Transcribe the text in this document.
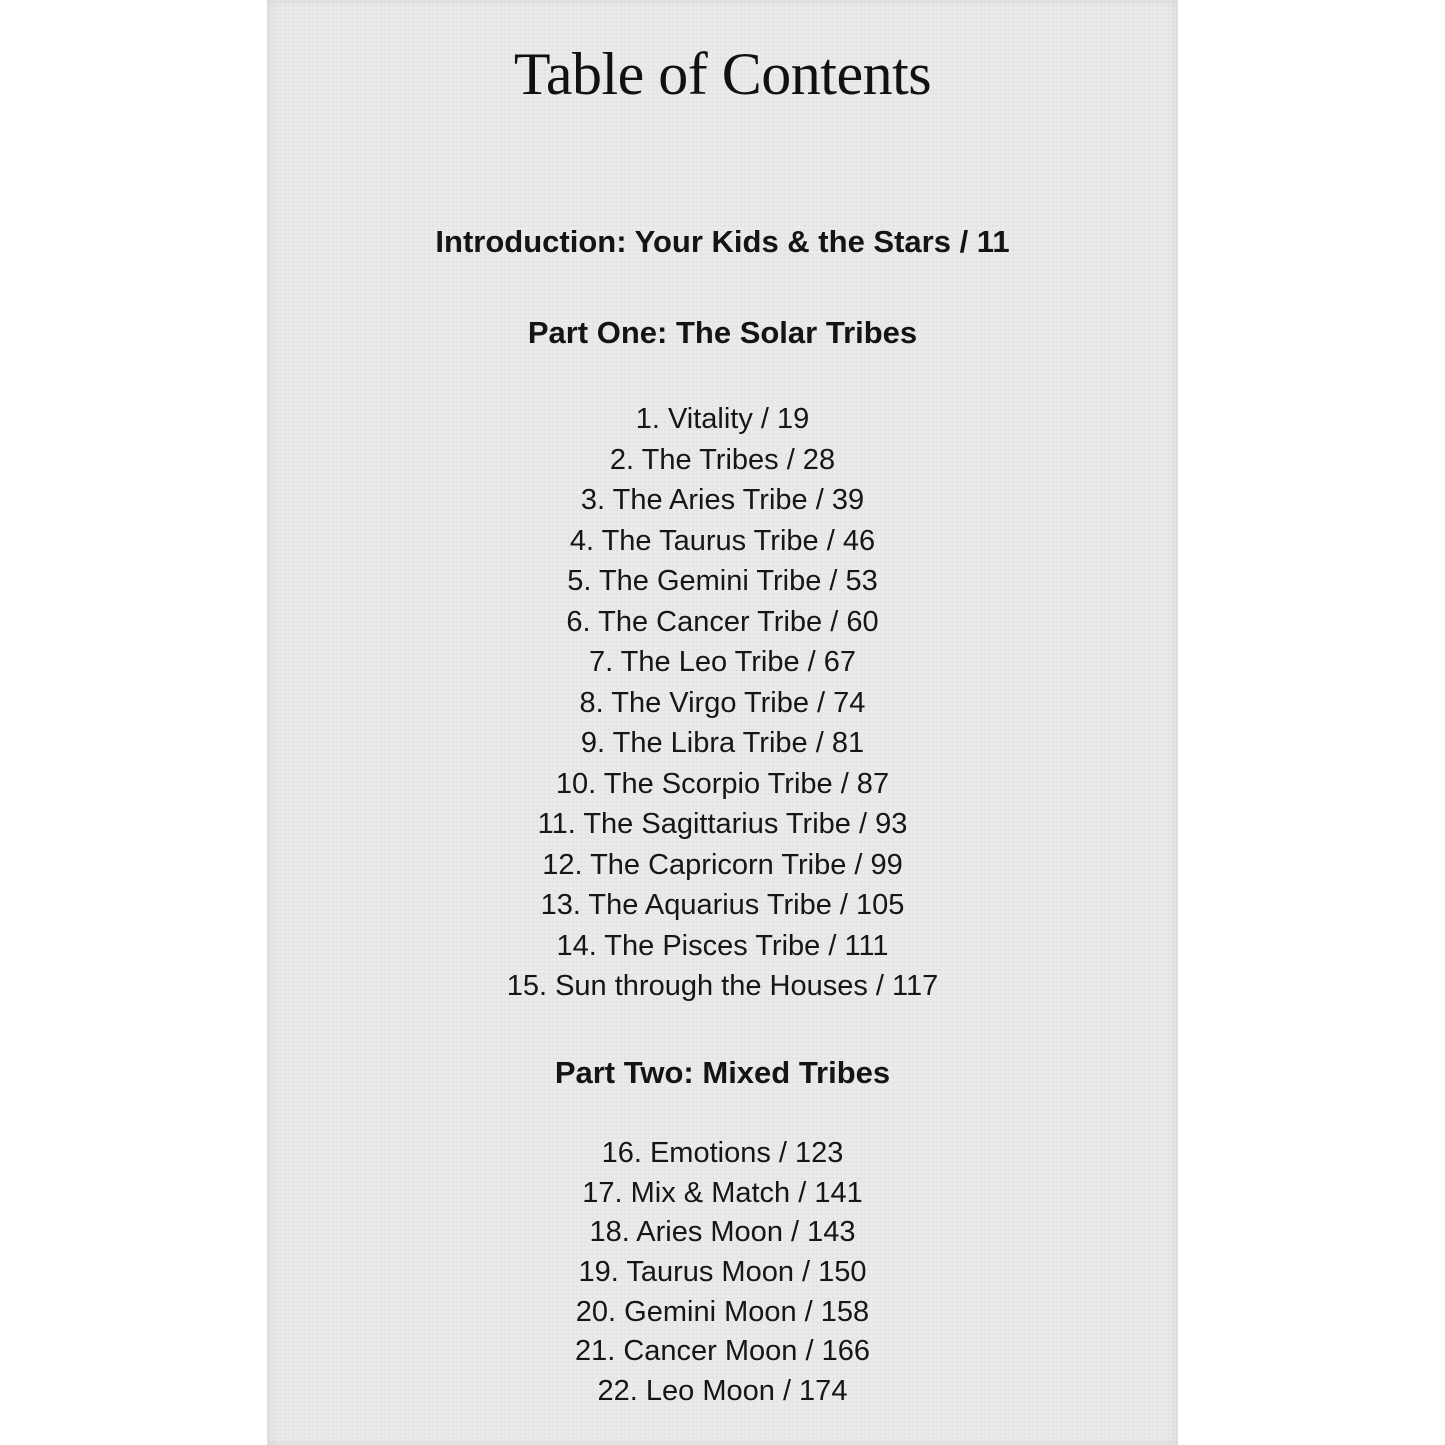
Table of Contents
Introduction: Your Kids & the Stars / 11
Part One: The Solar Tribes
1. Vitality / 19
2. The Tribes / 28
3. The Aries Tribe / 39
4. The Taurus Tribe / 46
5. The Gemini Tribe / 53
6. The Cancer Tribe / 60
7. The Leo Tribe / 67
8. The Virgo Tribe / 74
9. The Libra Tribe / 81
10. The Scorpio Tribe / 87
11. The Sagittarius Tribe / 93
12. The Capricorn Tribe / 99
13. The Aquarius Tribe / 105
14. The Pisces Tribe / 111
15. Sun through the Houses / 117
Part Two: Mixed Tribes
16. Emotions / 123
17. Mix & Match / 141
18. Aries Moon / 143
19. Taurus Moon / 150
20. Gemini Moon / 158
21. Cancer Moon / 166
22. Leo Moon / 174
